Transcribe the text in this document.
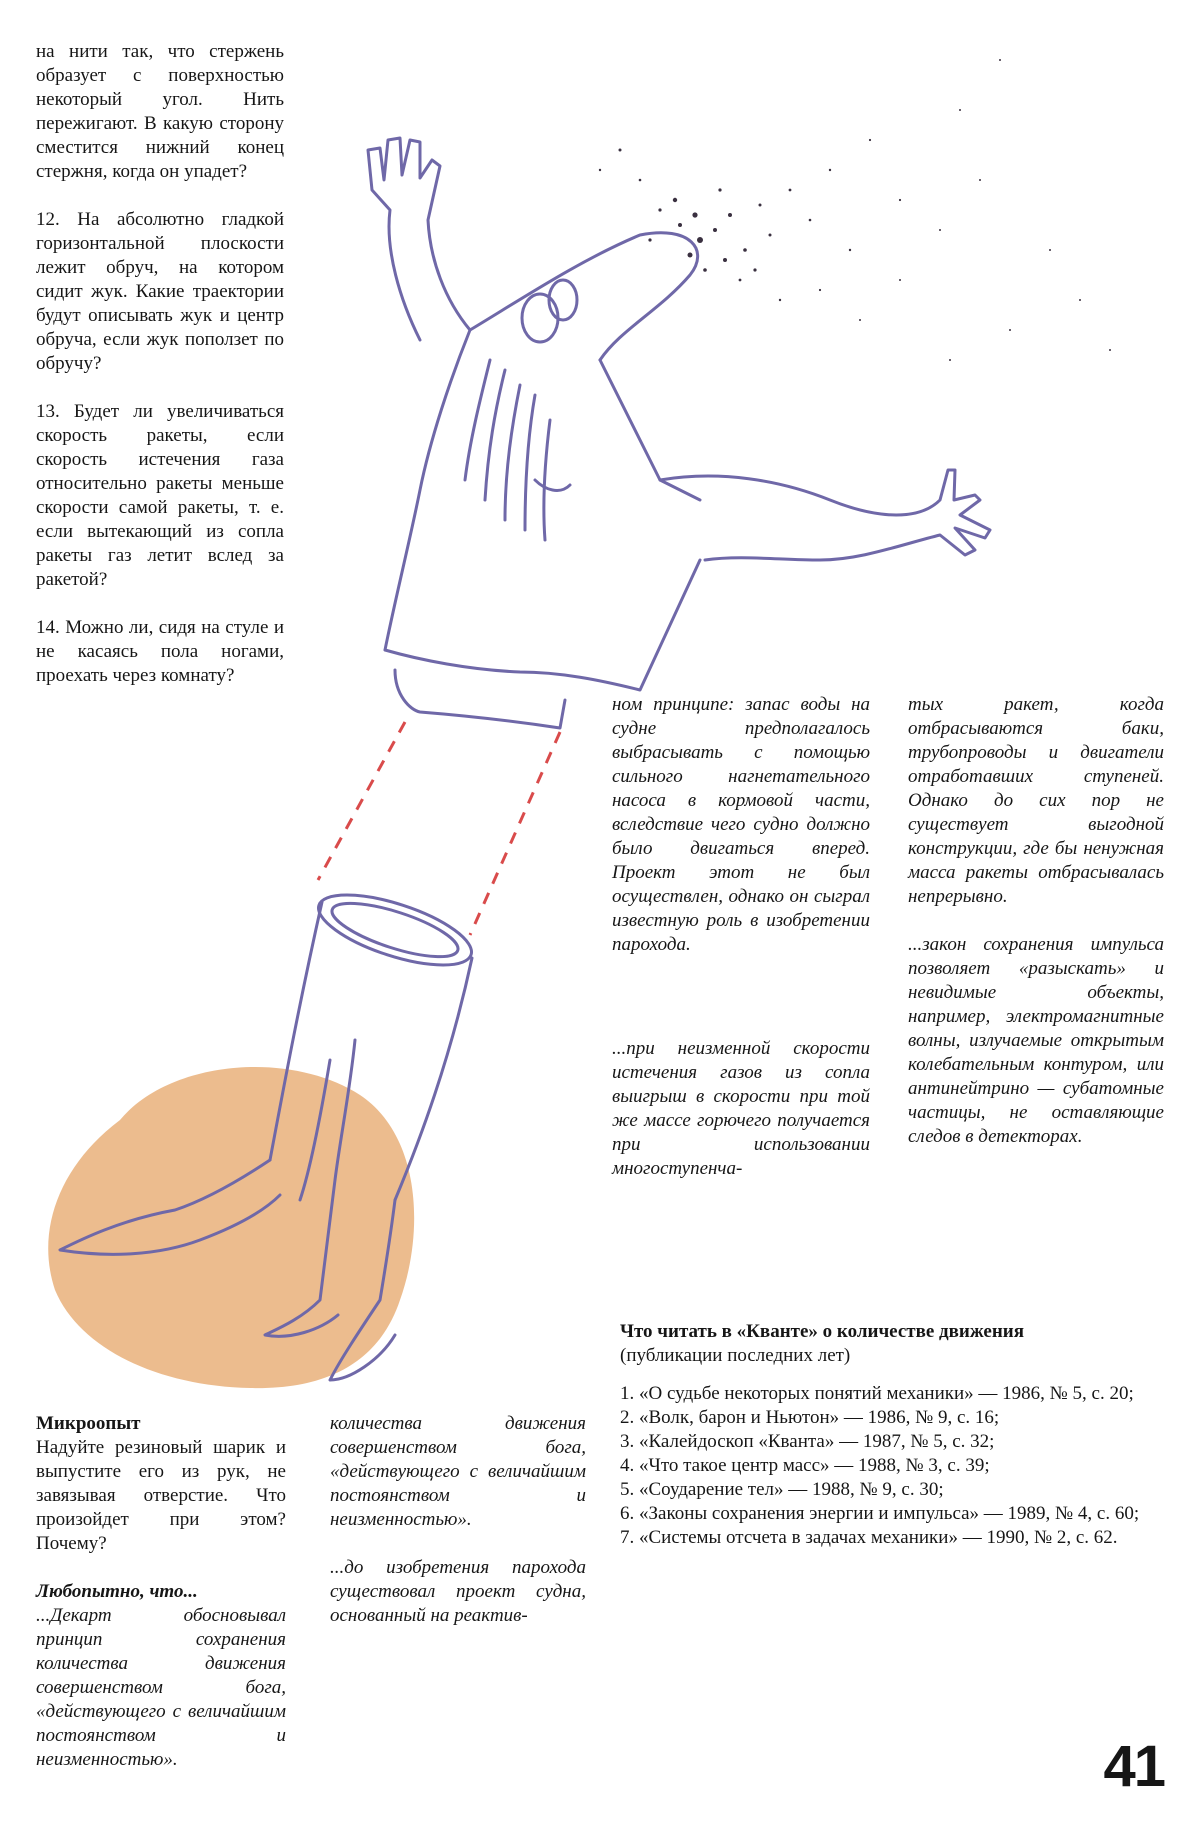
на нити так, что стержень образует с поверхностью некоторый угол. Нить пережигают. В какую сторону сместится нижний конец стержня, когда он упадет?

12. На абсолютно гладкой горизонтальной плоскости лежит обруч, на котором сидит жук. Какие траектории будут описывать жук и центр обруча, если жук поползет по обручу?

13. Будет ли увеличиваться скорость ракеты, если скорость истечения газа относительно ракеты меньше скорости самой ракеты, т. е. если вытекающий из сопла ракеты газ летит вслед за ракетой?

14. Можно ли, сидя на стуле и не касаясь пола ногами, проехать через комнату?

Микроопыт

Надуйте резиновый шарик и выпустите его из рук, не завязывая отверстие. Что произойдет при этом? Почему?

Любопытно, что...

...Декарт обосновывал принцип сохранения количества движения совершенством бога, «действующего с величайшим постоянством и неизменностью».

количества движения совершенством бога, «действующего с величайшим постоянством и неизменностью».

...до изобретения парохода существовал проект судна, основанный на реактив-

ном принципе: запас воды на судне предполагалось выбрасывать с помощью сильного нагнетательного насоса в кормовой части, вследствие чего судно должно было двигаться вперед. Проект этот не был осуществлен, однако он сыграл известную роль в изобретении парохода.

...при неизменной скорости истечения газов из сопла выигрыш в скорости при той же массе горючего получается при использовании многоступенча-

тых ракет, когда отбрасываются баки, трубопроводы и двигатели отработавших ступеней. Однако до сих пор не существует выгодной конструкции, где бы ненужная масса ракеты отбрасывалась непрерывно.

...закон сохранения импульса позволяет «разыскать» и невидимые объекты, например, электромагнитные волны, излучаемые открытым колебательным контуром, или антинейтрино — субатомные частицы, не оставляющие следов в детекторах.

Что читать в «Кванте» о количестве движения

(публикации последних лет)

1. «О судьбе некоторых понятий механики» — 1986, № 5, с. 20;
2. «Волк, барон и Ньютон» — 1986, № 9, с. 16;
3. «Калейдоскоп «Кванта» — 1987, № 5, с. 32;
4. «Что такое центр масс» — 1988, № 3, с. 39;
5. «Соударение тел» — 1988, № 9, с. 30;
6. «Законы сохранения энергии и импульса» — 1989, № 4, с. 60;
7. «Системы отсчета в задачах механики» — 1990, № 2, с. 62.
41
